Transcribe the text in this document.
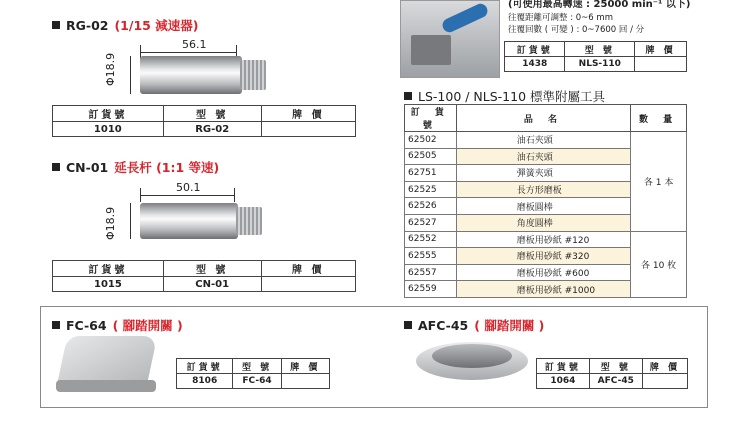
RG-02 (1/15 減速器)
56.1
Φ18.9
訂貨號	型 號	牌 價
1010	RG-02	
CN-01 延長杆 (1:1 等速)
50.1
Φ18.9
訂貨號	型 號	牌 價
1015	CN-01	
(可使用最高轉速 : 25000 min⁻¹ 以下)
往覆距離可調整 : 0~6 mm
往覆回數 ( 可變 ) : 0~7600 回 / 分
訂貨號	型 號	牌 價
1438	NLS-110	
LS-100 / NLS-110 標準附屬工具
訂 貨 號	品 名	數 量
62502	油石夾頭	各 1 本
62505	油石夾頭	
62751	彈簧夾頭	
62525	長方形磨板	
62526	磨板圓棒	
62527	角度圓棒	
62552	磨板用砂紙 #120	各 10 枚
62555	磨板用砂紙 #320	
62557	磨板用砂紙 #600	
62559	磨板用砂紙 #1000	
FC-64 ( 腳踏開關 )
訂貨號	型 號	牌 價
8106	FC-64	
AFC-45 ( 腳踏開關 )
訂貨號	型 號	牌 價
1064	AFC-45	
